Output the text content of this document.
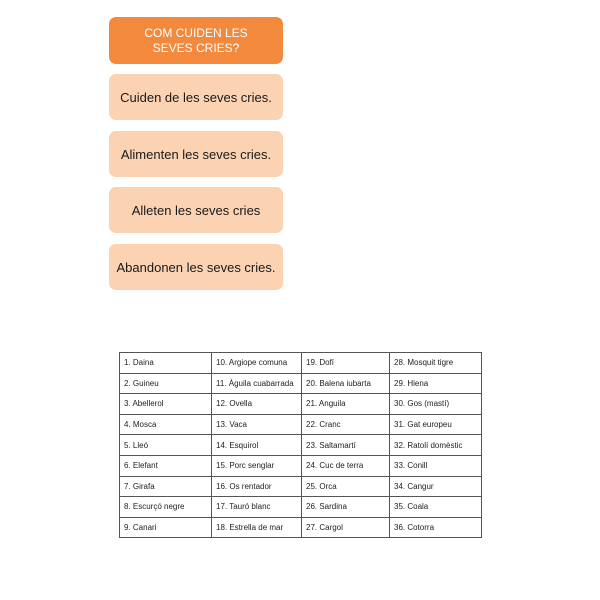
COM CUIDEN LES SEVES CRIES?
Cuiden de les seves cries.
Alimenten les seves cries.
Alleten les seves cries
Abandonen les seves cries.
1. Daina	10. Argiope comuna	19. Dofí	28. Mosquit tigre
2. Guineu	11. Àguila cuabarrada	20. Balena iubarta	29. Hiena
3. Abellerol	12. Ovella	21. Anguila	30. Gos (mastí)
4. Mosca	13. Vaca	22. Cranc	31. Gat europeu
5. Lleó	14. Esquirol	23. Saltamartí	32. Ratolí domèstic
6. Elefant	15. Porc senglar	24. Cuc de terra	33. Conill
7. Girafa	16. Os rentador	25. Orca	34. Cangur
8. Escurçó negre	17. Tauró blanc	26. Sardina	35. Coala
9. Canari	18. Estrella de mar	27. Cargol	36. Cotorra
